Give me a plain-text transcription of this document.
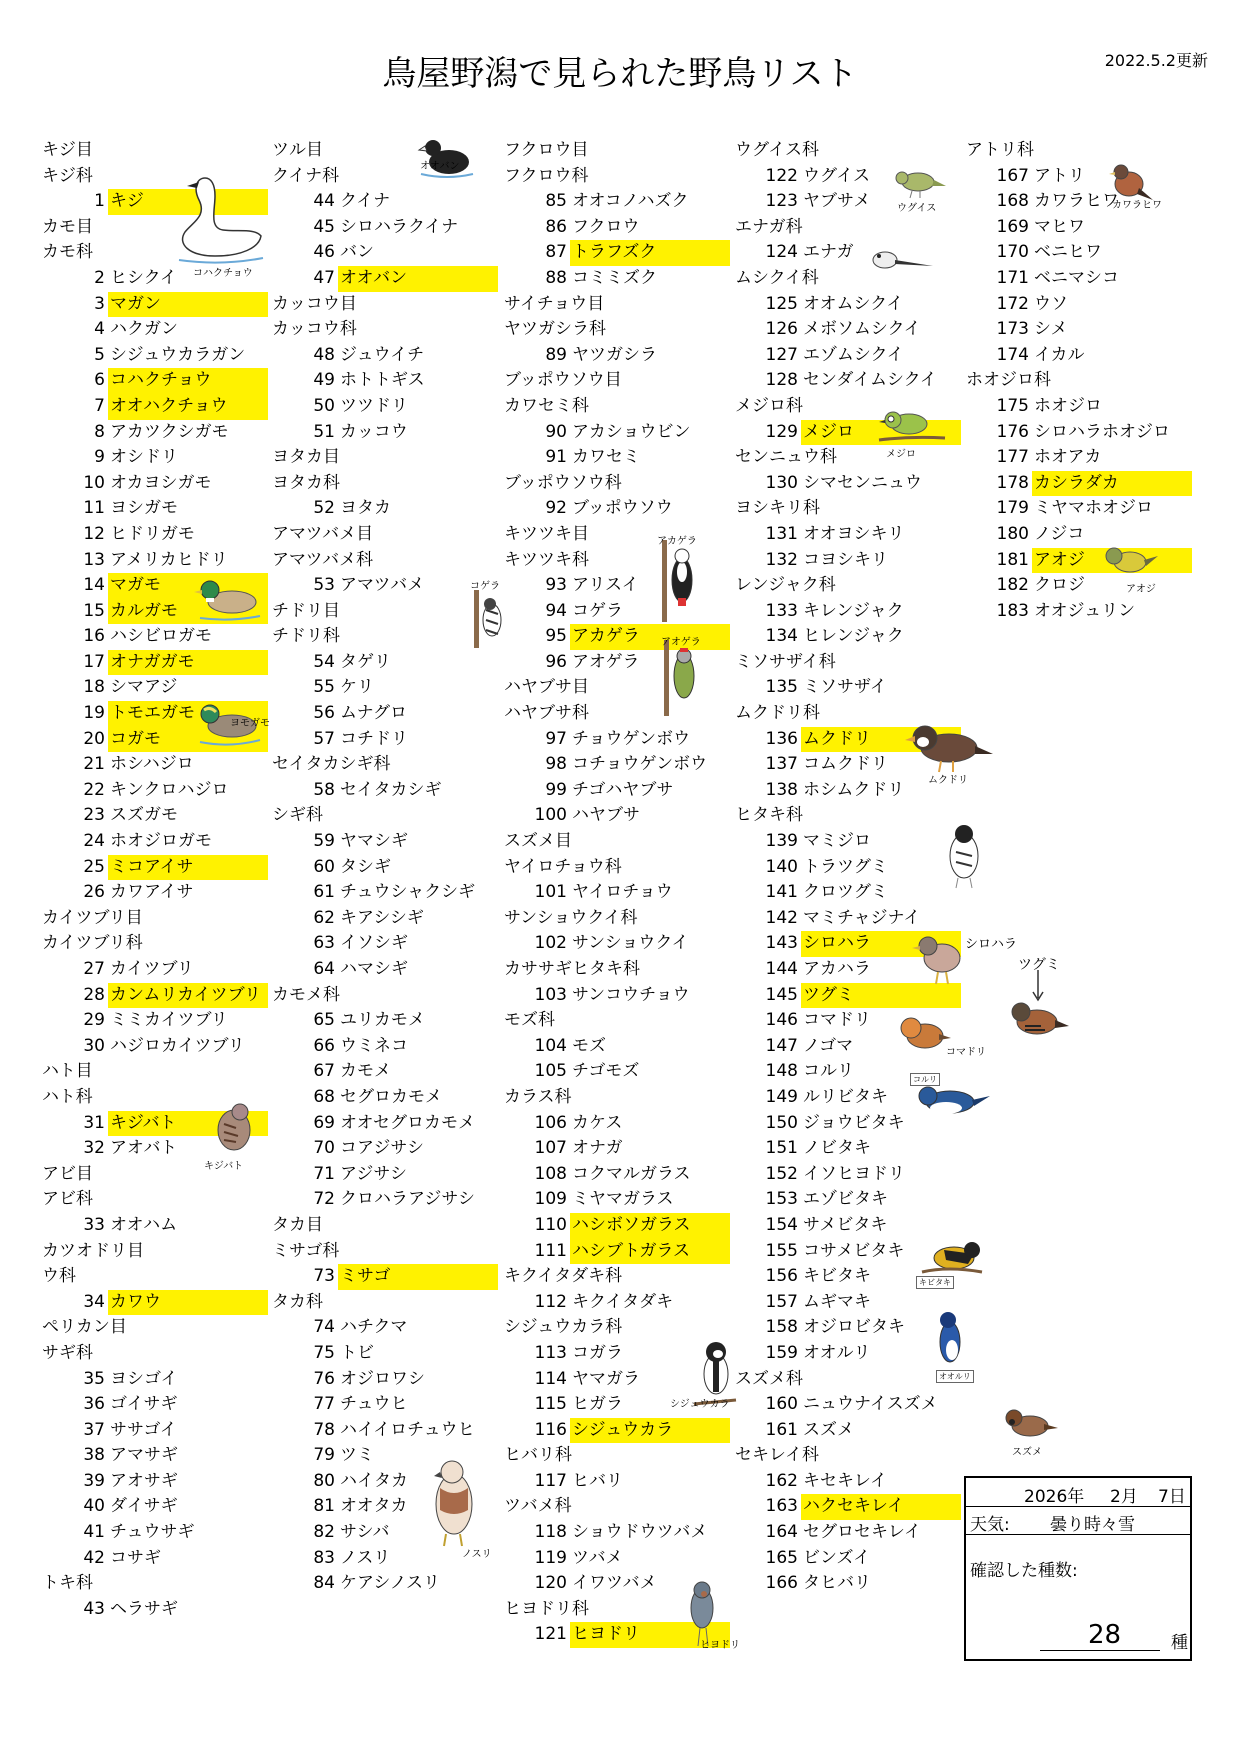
鳥屋野潟で見られた野鳥リスト	2022.5.2更新
キジ目
キジ科
1 キジ
カモ目
カモ科
2 ヒシクイ
3 マガン
4 ハクガン
5 シジュウカラガン
6 コハクチョウ
7 オオハクチョウ
8 アカツクシガモ
9 オシドリ
10 オカヨシガモ
11 ヨシガモ
12 ヒドリガモ
13 アメリカヒドリ
14 マガモ
15 カルガモ
16 ハシビロガモ
17 オナガガモ
18 シマアジ
19 トモエガモ
20 コガモ
21 ホシハジロ
22 キンクロハジロ
23 スズガモ
24 ホオジロガモ
25 ミコアイサ
26 カワアイサ
カイツブリ目
カイツブリ科
27 カイツブリ
28 カンムリカイツブリ
29 ミミカイツブリ
30 ハジロカイツブリ
ハト目
ハト科
31 キジバト
32 アオバト
アビ目
アビ科
33 オオハム
カツオドリ目
ウ科
34 カワウ
ペリカン目
サギ科
35 ヨシゴイ
36 ゴイサギ
37 ササゴイ
38 アマサギ
39 アオサギ
40 ダイサギ
41 チュウサギ
42 コサギ
トキ科
43 ヘラサギ
ツル目
クイナ科
44 クイナ
45 シロハラクイナ
46 バン
47 オオバン
カッコウ目
カッコウ科
48 ジュウイチ
49 ホトトギス
50 ツツドリ
51 カッコウ
ヨタカ目
ヨタカ科
52 ヨタカ
アマツバメ目
アマツバメ科
53 アマツバメ
チドリ目
チドリ科
54 タゲリ
55 ケリ
56 ムナグロ
57 コチドリ
セイタカシギ科
58 セイタカシギ
シギ科
59 ヤマシギ
60 タシギ
61 チュウシャクシギ
62 キアシシギ
63 イソシギ
64 ハマシギ
カモメ科
65 ユリカモメ
66 ウミネコ
67 カモメ
68 セグロカモメ
69 オオセグロカモメ
70 コアジサシ
71 アジサシ
72 クロハラアジサシ
タカ目
ミサゴ科
73 ミサゴ
タカ科
74 ハチクマ
75 トビ
76 オジロワシ
77 チュウヒ
78 ハイイロチュウヒ
79 ツミ
80 ハイタカ
81 オオタカ
82 サシバ
83 ノスリ
84 ケアシノスリ
フクロウ目
フクロウ科
85 オオコノハズク
86 フクロウ
87 トラフズク
88 コミミズク
サイチョウ目
ヤツガシラ科
89 ヤツガシラ
ブッポウソウ目
カワセミ科
90 アカショウビン
91 カワセミ
ブッポウソウ科
92 ブッポウソウ
キツツキ目
キツツキ科
93 アリスイ
94 コゲラ
95 アカゲラ
96 アオゲラ
ハヤブサ目
ハヤブサ科
97 チョウゲンボウ
98 コチョウゲンボウ
99 チゴハヤブサ
100 ハヤブサ
スズメ目
ヤイロチョウ科
101 ヤイロチョウ
サンショウクイ科
102 サンショウクイ
カササギヒタキ科
103 サンコウチョウ
モズ科
104 モズ
105 チゴモズ
カラス科
106 カケス
107 オナガ
108 コクマルガラス
109 ミヤマガラス
110 ハシボソガラス
111 ハシブトガラス
キクイタダキ科
112 キクイタダキ
シジュウカラ科
113 コガラ
114 ヤマガラ
115 ヒガラ
116 シジュウカラ
ヒバリ科
117 ヒバリ
ツバメ科
118 ショウドウツバメ
119 ツバメ
120 イワツバメ
ヒヨドリ科
121 ヒヨドリ
ウグイス科
122 ウグイス
123 ヤブサメ
エナガ科
124 エナガ
ムシクイ科
125 オオムシクイ
126 メボソムシクイ
127 エゾムシクイ
128 センダイムシクイ
メジロ科
129 メジロ
センニュウ科
130 シマセンニュウ
ヨシキリ科
131 オオヨシキリ
132 コヨシキリ
レンジャク科
133 キレンジャク
134 ヒレンジャク
ミソサザイ科
135 ミソサザイ
ムクドリ科
136 ムクドリ
137 コムクドリ
138 ホシムクドリ
ヒタキ科
139 マミジロ
140 トラツグミ
141 クロツグミ
142 マミチャジナイ
143 シロハラ
144 アカハラ
145 ツグミ
146 コマドリ
147 ノゴマ
148 コルリ
149 ルリビタキ
150 ジョウビタキ
151 ノビタキ
152 イソヒヨドリ
153 エゾビタキ
154 サメビタキ
155 コサメビタキ
156 キビタキ
157 ムギマキ
158 オジロビタキ
159 オオルリ
スズメ科
160 ニュウナイスズメ
161 スズメ
セキレイ科
162 キセキレイ
163 ハクセキレイ
164 セグロセキレイ
165 ビンズイ
166 タヒバリ
アトリ科
167 アトリ
168 カワラヒワ
169 マヒワ
170 ベニヒワ
171 ベニマシコ
172 ウソ
173 シメ
174 イカル
ホオジロ科
175 ホオジロ
176 シロハラホオジロ
177 ホオアカ
178 カシラダカ
179 ミヤマホオジロ
180 ノジコ
181 アオジ
182 クロジ
183 オオジュリン
コハクチョウ
オオバン
ウグイス	カワラヒワ
メジロ
アオジ
ヨモガモ
コゲラ
アカゲラ
アオゲラ
ムクドリ
シロハラ
ツグミ
コマドリ
コルリ
キジバト
キビタキ
オオルリ
スズメ
シジュウカラ
ノスリ
ヒヨドリ
2026年 2月 7日
天気: 曇り時々雪
確認した種数:
28	種
